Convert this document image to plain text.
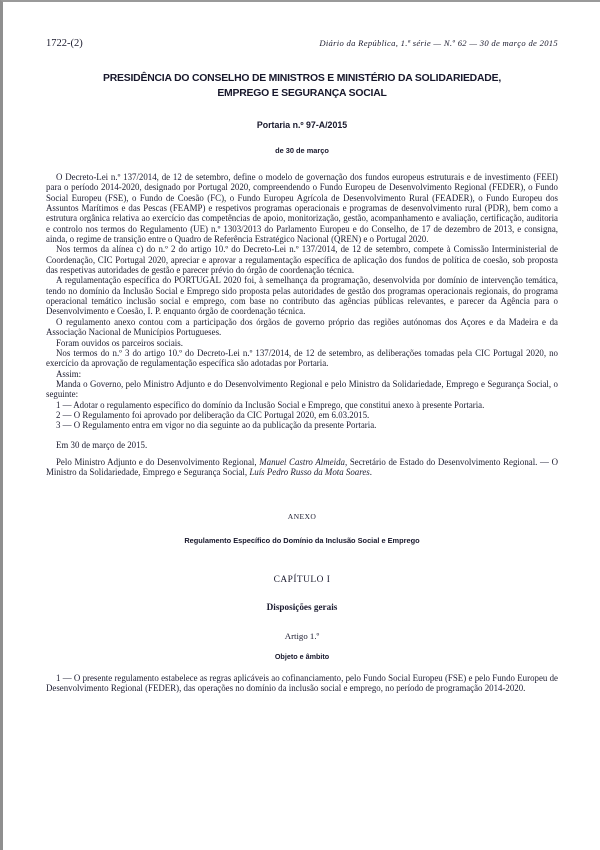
1722-(2)	Diário da República, 1.ª série — N.º 62 — 30 de março de 2015
PRESIDÊNCIA DO CONSELHO DE MINISTROS E MINISTÉRIO DA SOLIDARIEDADE, EMPREGO E SEGURANÇA SOCIAL
Portaria n.º 97-A/2015
de 30 de março

O Decreto-Lei n.º 137/2014, de 12 de setembro, define o modelo de governação dos fundos europeus estruturais e de investimento (FEEI) para o período 2014-2020, designado por Portugal 2020, compreendendo o Fundo Europeu de Desenvolvimento Regional (FEDER), o Fundo Social Europeu (FSE), o Fundo de Coesão (FC), o Fundo Europeu Agrícola de Desenvolvimento Rural (FEADER), o Fundo Europeu dos Assuntos Marítimos e das Pescas (FEAMP) e respetivos programas operacionais e programas de desenvolvimento rural (PDR), bem como a estrutura orgânica relativa ao exercício das competências de apoio, monitorização, gestão, acompanhamento e avaliação, certificação, auditoria e controlo nos termos do Regulamento (UE) n.º 1303/2013 do Parlamento Europeu e do Conselho, de 17 de dezembro de 2013, e consigna, ainda, o regime de transição entre o Quadro de Referência Estratégico Nacional (QREN) e o Portugal 2020.

Nos termos da alínea c) do n.º 2 do artigo 10.º do Decreto-Lei n.º 137/2014, de 12 de setembro, compete à Comissão Interministerial de Coordenação, CIC Portugal 2020, apreciar e aprovar a regulamentação específica de aplicação dos fundos de política de coesão, sob proposta das respetivas autoridades de gestão e parecer prévio do órgão de coordenação técnica.

A regulamentação específica do PORTUGAL 2020 foi, à semelhança da programação, desenvolvida por domínio de intervenção temática, tendo no domínio da Inclusão Social e Emprego sido proposta pelas autoridades de gestão dos programas operacionais regionais, do programa operacional temático inclusão social e emprego, com base no contributo das agências públicas relevantes, e parecer da Agência para o Desenvolvimento e Coesão, I. P. enquanto órgão de coordenação técnica.

O regulamento anexo contou com a participação dos órgãos de governo próprio das regiões autónomas dos Açores e da Madeira e da Associação Nacional de Municípios Portugueses.

Foram ouvidos os parceiros sociais.

Nos termos do n.º 3 do artigo 10.º do Decreto-Lei n.º 137/2014, de 12 de setembro, as deliberações tomadas pela CIC Portugal 2020, no exercício da aprovação de regulamentação específica são adotadas por Portaria.

Assim:

Manda o Governo, pelo Ministro Adjunto e do Desenvolvimento Regional e pelo Ministro da Solidariedade, Emprego e Segurança Social, o seguinte:

1 — Adotar o regulamento específico do domínio da Inclusão Social e Emprego, que constitui anexo à presente Portaria.

2 — O Regulamento foi aprovado por deliberação da CIC Portugal 2020, em 6.03.2015.

3 — O Regulamento entra em vigor no dia seguinte ao da publicação da presente Portaria.

Em 30 de março de 2015.
Pelo Ministro Adjunto e do Desenvolvimento Regional, Manuel Castro Almeida, Secretário de Estado do Desenvolvimento Regional. — O Ministro da Solidariedade, Emprego e Segurança Social, Luís Pedro Russo da Mota Soares.
ANEXO
Regulamento Específico do Domínio da Inclusão Social e Emprego
CAPÍTULO I
Disposições gerais
Artigo 1.º
Objeto e âmbito
1 — O presente regulamento estabelece as regras aplicáveis ao cofinanciamento, pelo Fundo Social Europeu (FSE) e pelo Fundo Europeu de Desenvolvimento Regional (FEDER), das operações no domínio da inclusão social e emprego, no período de programação 2014-2020.
